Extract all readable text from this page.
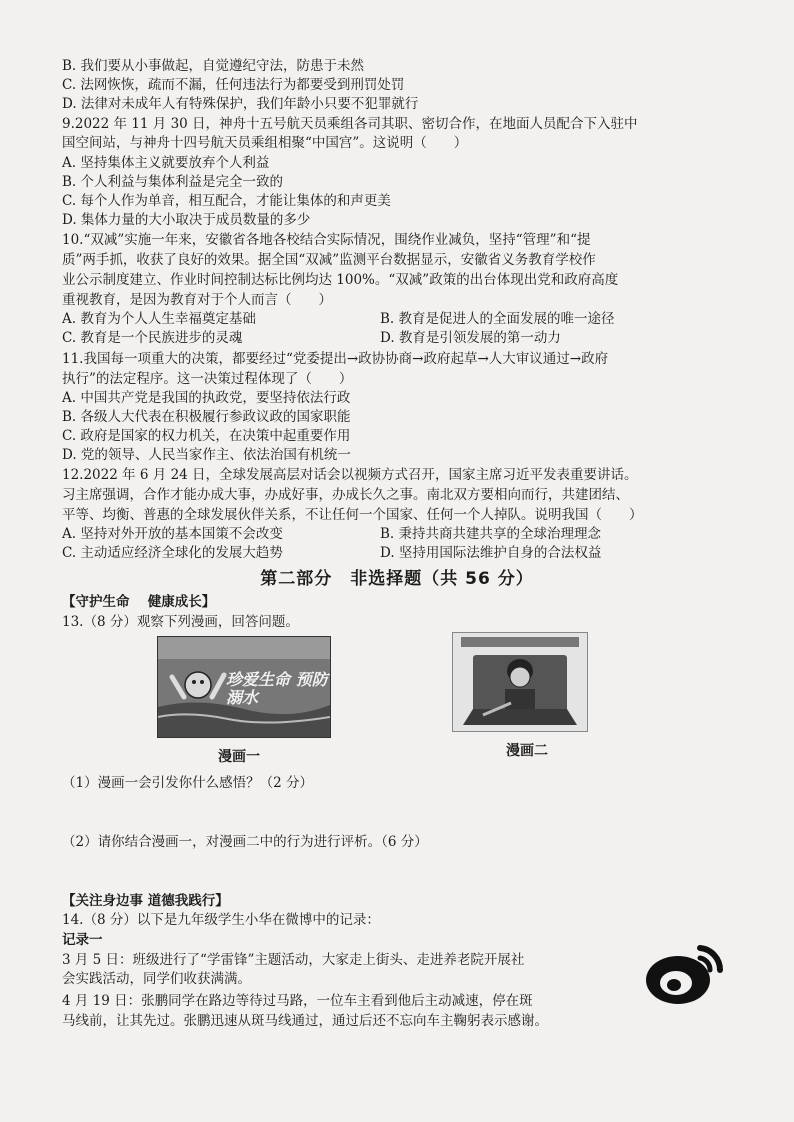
B. 我们要从小事做起，自觉遵纪守法，防患于未然
C. 法网恢恢，疏而不漏，任何违法行为都要受到刑罚处罚
D. 法律对未成年人有特殊保护，我们年龄小只要不犯罪就行
9.2022 年 11 月 30 日，神舟十五号航天员乘组各司其职、密切合作，在地面人员配合下入驻中
国空间站，与神舟十四号航天员乘组相聚“中国宫”。这说明（　　）
A. 坚持集体主义就要放弃个人利益
B. 个人利益与集体利益是完全一致的
C. 每个人作为单音，相互配合，才能让集体的和声更美
D. 集体力量的大小取决于成员数量的多少
10.“双减”实施一年来，安徽省各地各校结合实际情况，围绕作业减负，坚持“管理”和“提
质”两手抓，收获了良好的效果。据全国“双减”监测平台数据显示，安徽省义务教育学校作
业公示制度建立、作业时间控制达标比例均达 100%。“双减”政策的出台体现出党和政府高度
重视教育，是因为教育对于个人而言（　　）
A. 教育为个人人生幸福奠定基础	B. 教育是促进人的全面发展的唯一途径
C. 教育是一个民族进步的灵魂	D. 教育是引领发展的第一动力
11.我国每一项重大的决策，都要经过“党委提出→政协协商→政府起草→人大审议通过→政府
执行”的法定程序。这一决策过程体现了（　　）
A. 中国共产党是我国的执政党，要坚持依法行政
B. 各级人大代表在积极履行参政议政的国家职能
C. 政府是国家的权力机关，在决策中起重要作用
D. 党的领导、人民当家作主、依法治国有机统一
12.2022 年 6 月 24 日，全球发展高层对话会以视频方式召开，国家主席习近平发表重要讲话。
习主席强调，合作才能办成大事，办成好事，办成长久之事。南北双方要相向而行，共建团结、
平等、均衡、普惠的全球发展伙伴关系，不让任何一个国家、任何一个人掉队。说明我国（　　）
A. 坚持对外开放的基本国策不会改变	B. 秉持共商共建共享的全球治理理念
C. 主动适应经济全球化的发展大趋势	D. 坚持用国际法维护自身的合法权益
第二部分　非选择题（共 56 分）
【守护生命　 健康成长】
13.（8 分）观察下列漫画，回答问题。
珍爱生命 预防溺水
漫画一	漫画二
（1）漫画一会引发你什么感悟？（2 分）
（2）请你结合漫画一，对漫画二中的行为进行评析。（6 分）
【关注身边事 道德我践行】
14.（8 分）以下是九年级学生小华在微博中的记录：
记录一
3 月 5 日：班级进行了“学雷锋”主题活动，大家走上街头、走进养老院开展社
会实践活动，同学们收获满满。
4 月 19 日：张鹏同学在路边等待过马路，一位车主看到他后主动减速，停在斑
马线前，让其先过。张鹏迅速从斑马线通过，通过后还不忘向车主鞠躬表示感谢。
